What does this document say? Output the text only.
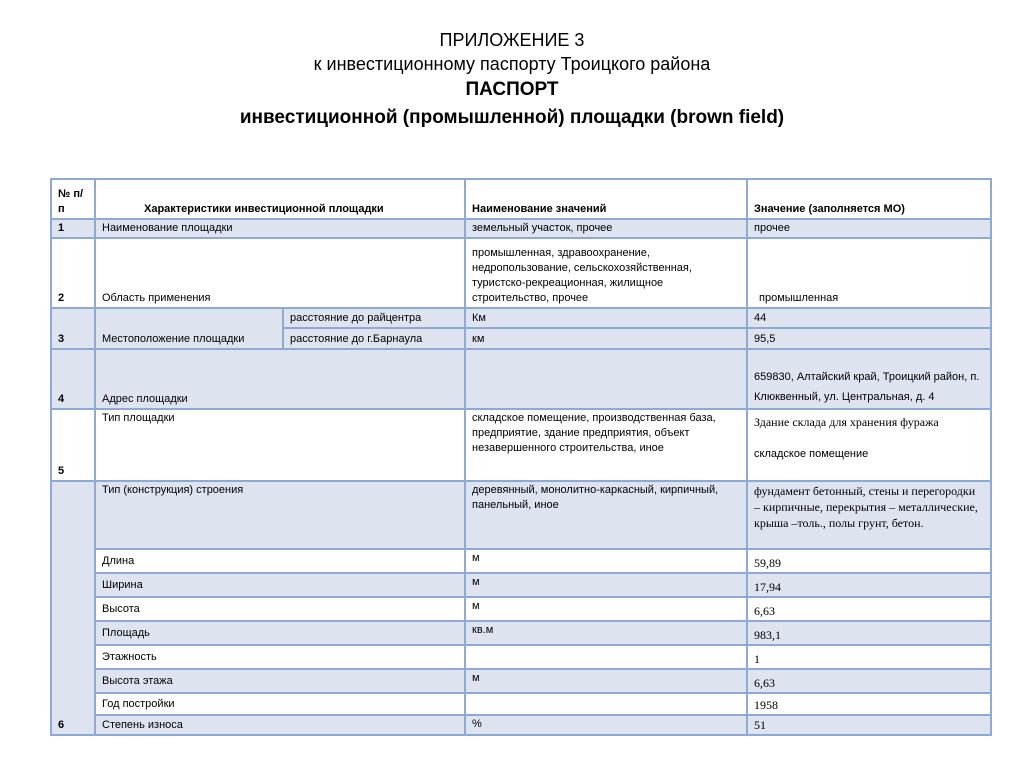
ПРИЛОЖЕНИЕ 3
к инвестиционному паспорту Троицкого района
ПАСПОРТ
инвестиционной (промышленной) площадки (brown field)
№ п/п	Характеристики инвестиционной площадки		Наименование значений	Значение (заполняется МО)
1	Наименование площадки		земельный участок, прочее	прочее
2	Область применения		промышленная, здравоохранение, недропользование, сельскохозяйственная, туристско-рекреационная, жилищное строительство, прочее	промышленная
3	Местоположение площадки	расстояние до райцентра	Км	44
		расстояние до г.Барнаула	км	95,5
4	Адрес площадки			659830, Алтайский край, Троицкий район, п. Клюквенный, ул. Центральная, д. 4
5	Тип площадки		складское помещение, производственная база, предприятие, здание предприятия, объект незавершенного строительства, иное	Здание склада для хранения фуража
складское помещение

6	Тип (конструкция) строения		деревянный, монолитно-каркасный, кирпичный, панельный, иное	фундамент бетонный, стены и перегородки – кирпичные, перекрытия – металлические, крыша –толь., полы грунт, бетон.
	Длина		м	59,89
	Ширина		м	17,94
	Высота		м	6,63
	Площадь		кв.м	983,1
	Этажность			1
	Высота этажа		м	6,63
	Год постройки			1958
	Степень износа		%	51
